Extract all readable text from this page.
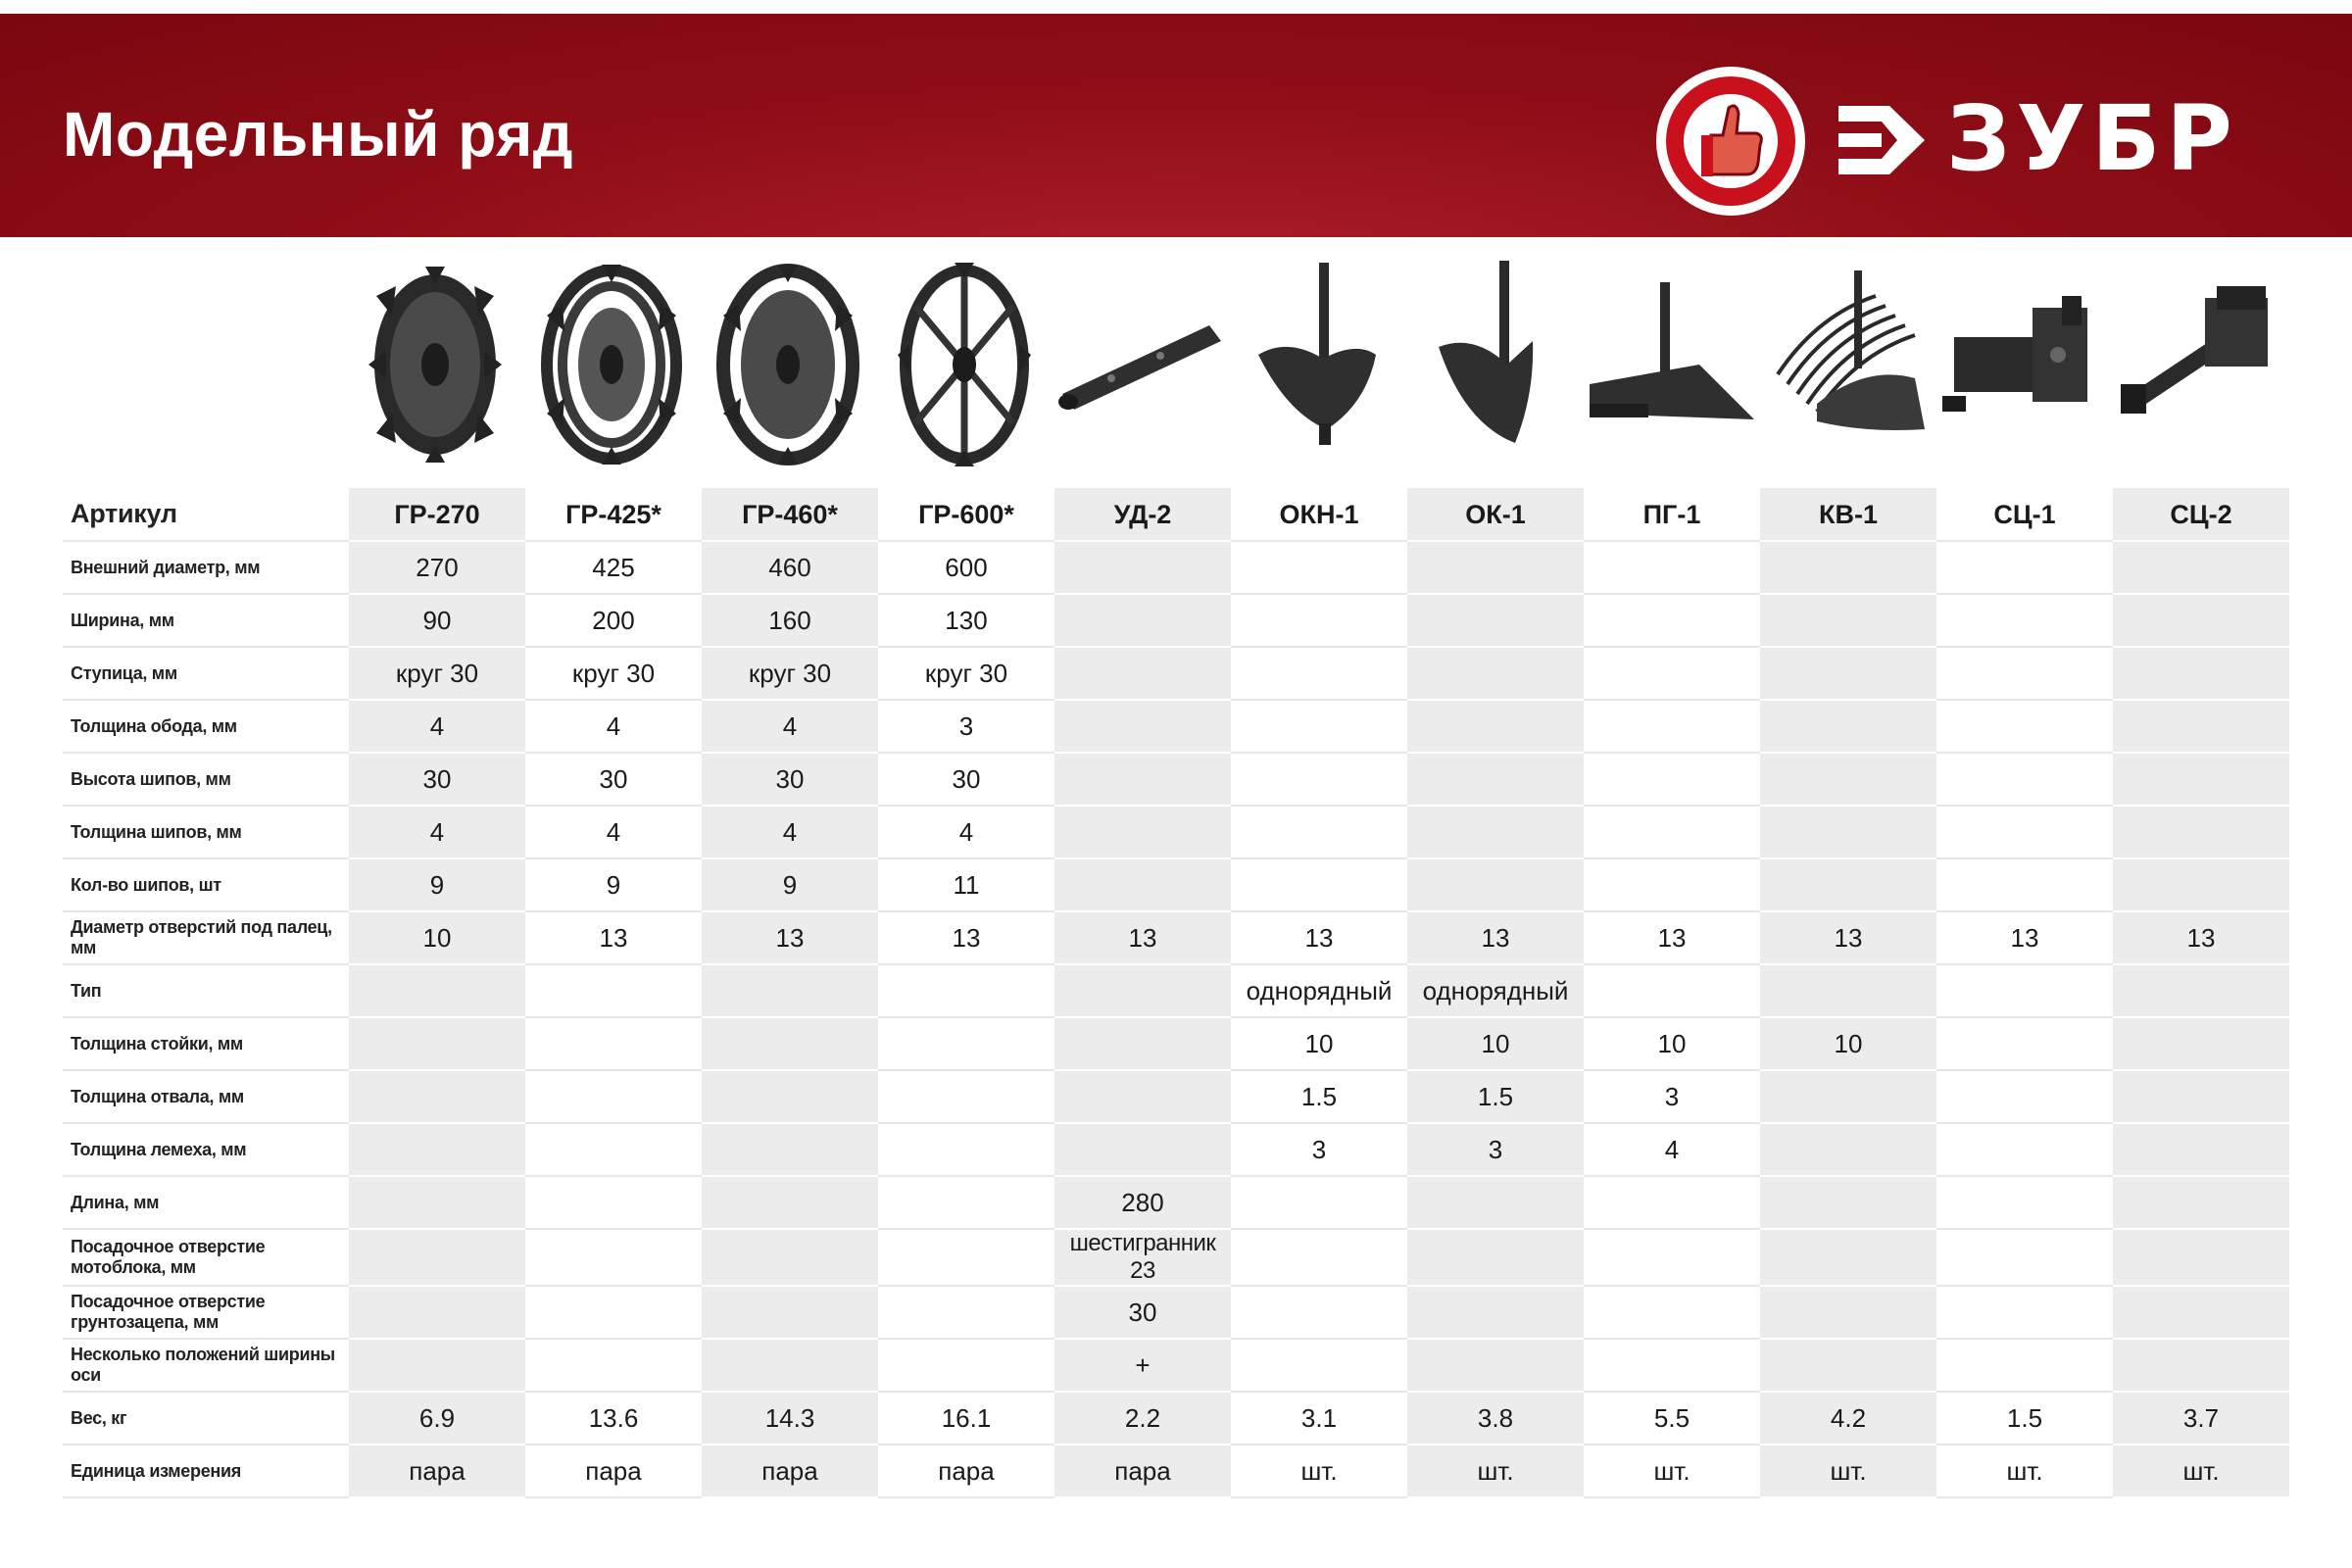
Модельный ряд	ЗУБР
Артикул	ГР-270	ГР-425*	ГР-460*	ГР-600*	УД-2	ОКН-1	ОК-1	ПГ-1	КВ-1	СЦ-1	СЦ-2
Внешний диаметр, мм	270	425	460	600							
Ширина, мм	90	200	160	130							
Ступица, мм	круг 30	круг 30	круг 30	круг 30							
Толщина обода, мм	4	4	4	3							
Высота шипов, мм	30	30	30	30							
Толщина шипов, мм	4	4	4	4							
Кол-во шипов, шт	9	9	9	11							
Диаметр отверстий под палец, мм	10	13	13	13	13	13	13	13	13	13	13
Тип						однорядный	однорядный				
Толщина стойки, мм						10	10	10	10		
Толщина отвала, мм						1.5	1.5	3			
Толщина лемеха, мм						3	3	4			
Длина, мм					280						
Посадочное отверстие мотоблока, мм					шестигранник 23						
Посадочное отверстие грунтозацепа, мм					30						
Несколько положений ширины оси					+						
Вес, кг	6.9	13.6	14.3	16.1	2.2	3.1	3.8	5.5	4.2	1.5	3.7
Единица измерения	пара	пара	пара	пара	пара	шт.	шт.	шт.	шт.	шт.	шт.
